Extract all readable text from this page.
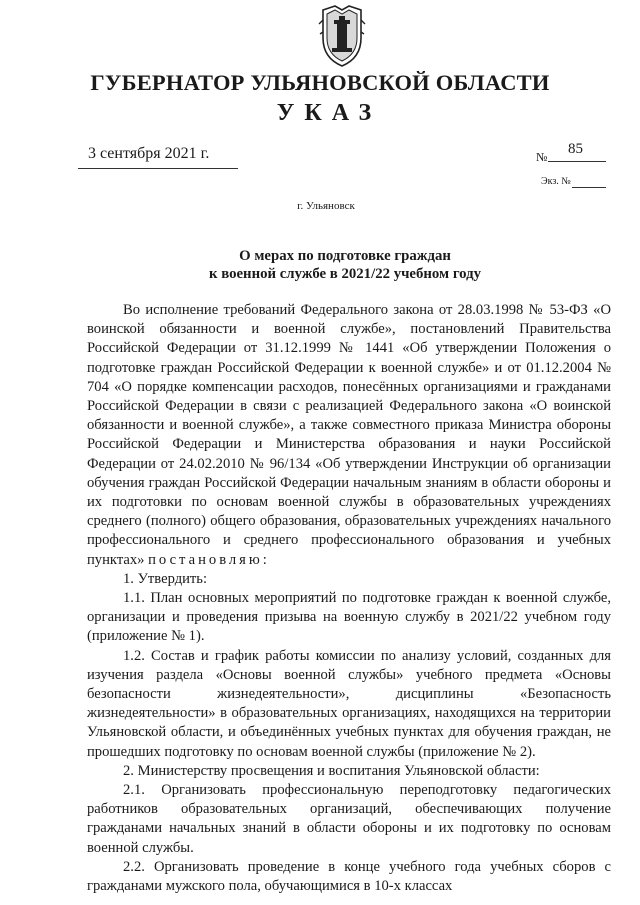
ГУБЕРНАТОР УЛЬЯНОВСКОЙ ОБЛАСТИ
УКАЗ
3 сентября 2021 г.	№ 85
Экз. №
г. Ульяновск
О мерах по подготовке граждан
к военной службе в 2021/22 учебном году

Во исполнение требований Федерального закона от 28.03.1998 № 53-ФЗ «О воинской обязанности и военной службе», постановлений Правительства Российской Федерации от 31.12.1999 № 1441 «Об утверждении Положения о подготовке граждан Российской Федерации к военной службе» и от 01.12.2004 № 704 «О порядке компенсации расходов, понесённых организациями и гражданами Российской Федерации в связи с реализацией Федерального закона «О воинской обязанности и военной службе», а также совместного приказа Министра обороны Российской Федерации и Министерства образования и науки Российской Федерации от 24.02.2010 № 96/134 «Об утверждении Инструкции об организации обучения граждан Российской Федерации начальным знаниям в области обороны и их подготовки по основам военной службы в образовательных учреждениях среднего (полного) общего образования, образовательных учреждениях начального профессионального и среднего профессионального образования и учебных пунктах» постановляю:

1. Утвердить:

1.1. План основных мероприятий по подготовке граждан к военной службе, организации и проведения призыва на военную службу в 2021/22 учебном году (приложение № 1).

1.2. Состав и график работы комиссии по анализу условий, созданных для изучения раздела «Основы военной службы» учебного предмета «Основы безопасности жизнедеятельности», дисциплины «Безопасность жизнедеятельности» в образовательных организациях, находящихся на территории Ульяновской области, и объединённых учебных пунктах для обучения граждан, не прошедших подготовку по основам военной службы (приложение № 2).

2. Министерству просвещения и воспитания Ульяновской области:

2.1. Организовать профессиональную переподготовку педагогических работников образовательных организаций, обеспечивающих получение гражданами начальных знаний в области обороны и их подготовку по основам военной службы.

2.2. Организовать проведение в конце учебного года учебных сборов с гражданами мужского пола, обучающимися в 10-х классах
